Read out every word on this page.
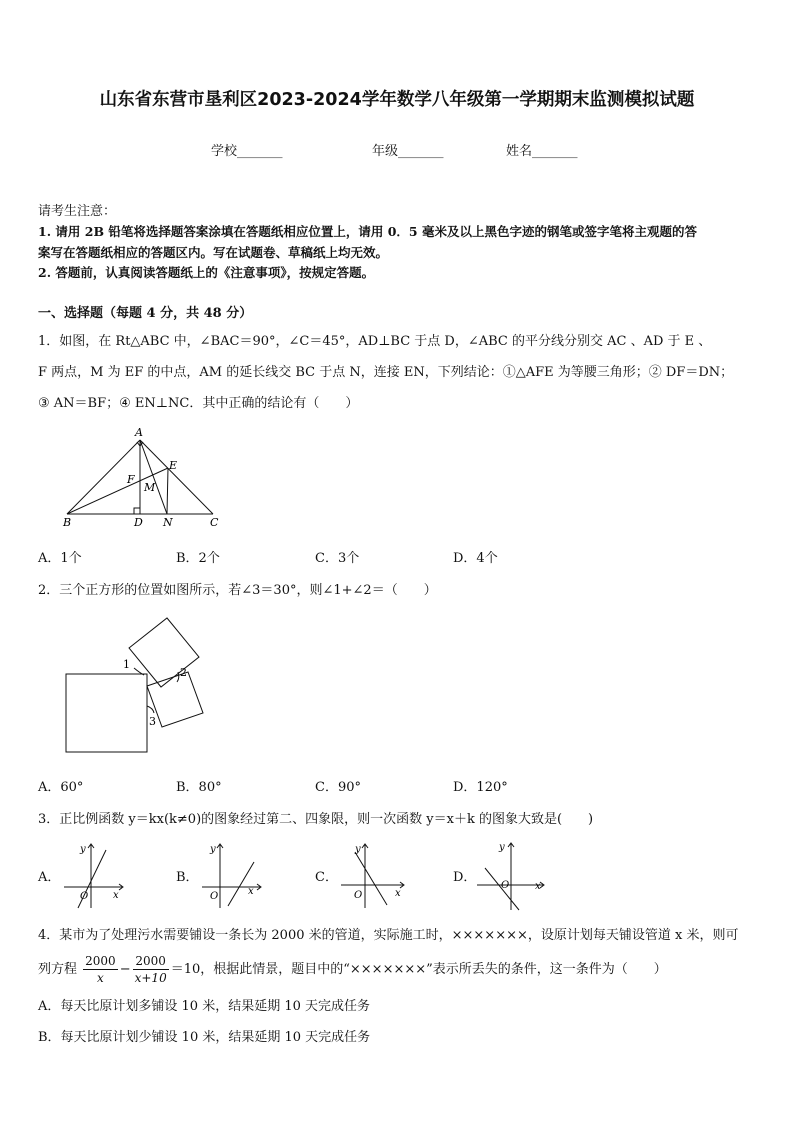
山东省东营市垦利区2023-2024学年数学八年级第一学期期末监测模拟试题
学校_______	年级_______	姓名_______
请考生注意：
1. 请用 2B 铅笔将选择题答案涂填在答题纸相应位置上，请用 0．5 毫米及以上黑色字迹的钢笔或签字笔将主观题的答
案写在答题纸相应的答题区内。写在试题卷、草稿纸上均无效。
2. 答题前，认真阅读答题纸上的《注意事项》，按规定答题。
一、选择题（每题 4 分，共 48 分）
1．如图，在 Rt△ABC 中，∠BAC＝90°，∠C＝45°，AD⊥BC 于点 D，∠ABC 的平分线分别交 AC 、AD 于 E 、
F 两点，M 为 EF 的中点，AM 的延长线交 BC 于点 N，连接 EN，下列结论：①△AFE 为等腰三角形；② DF＝DN；
③ AN＝BF；④ EN⊥NC．其中正确的结论有（　　）
A
B	C
D
E
F
M
N
A．1个	B．2个	C．3个	D．4个
2．三个正方形的位置如图所示，若∠3＝30°，则∠1+∠2＝（　　）
1
2
3
A．60°	B．80°	C．90°	D．120°
3．正比例函数 y＝kx(k≠0)的图象经过第二、四象限，则一次函数 y＝x＋k 的图象大致是(　　)
A．
y
x
O
B．
y
x
O
C．
y
x
O
D．
y
x
O
4．某市为了处理污水需要铺设一条长为 2000 米的管道，实际施工时，×××××××，设原计划每天铺设管道 x 米，则可
列方程 $\frac{2000}{x} - \frac{2000}{x+10} =10$，根据此情景，题目中的“×××××××”表示所丢失的条件，这一条件为（　　）
A．每天比原计划多铺设 10 米，结果延期 10 天完成任务
B．每天比原计划少铺设 10 米，结果延期 10 天完成任务
